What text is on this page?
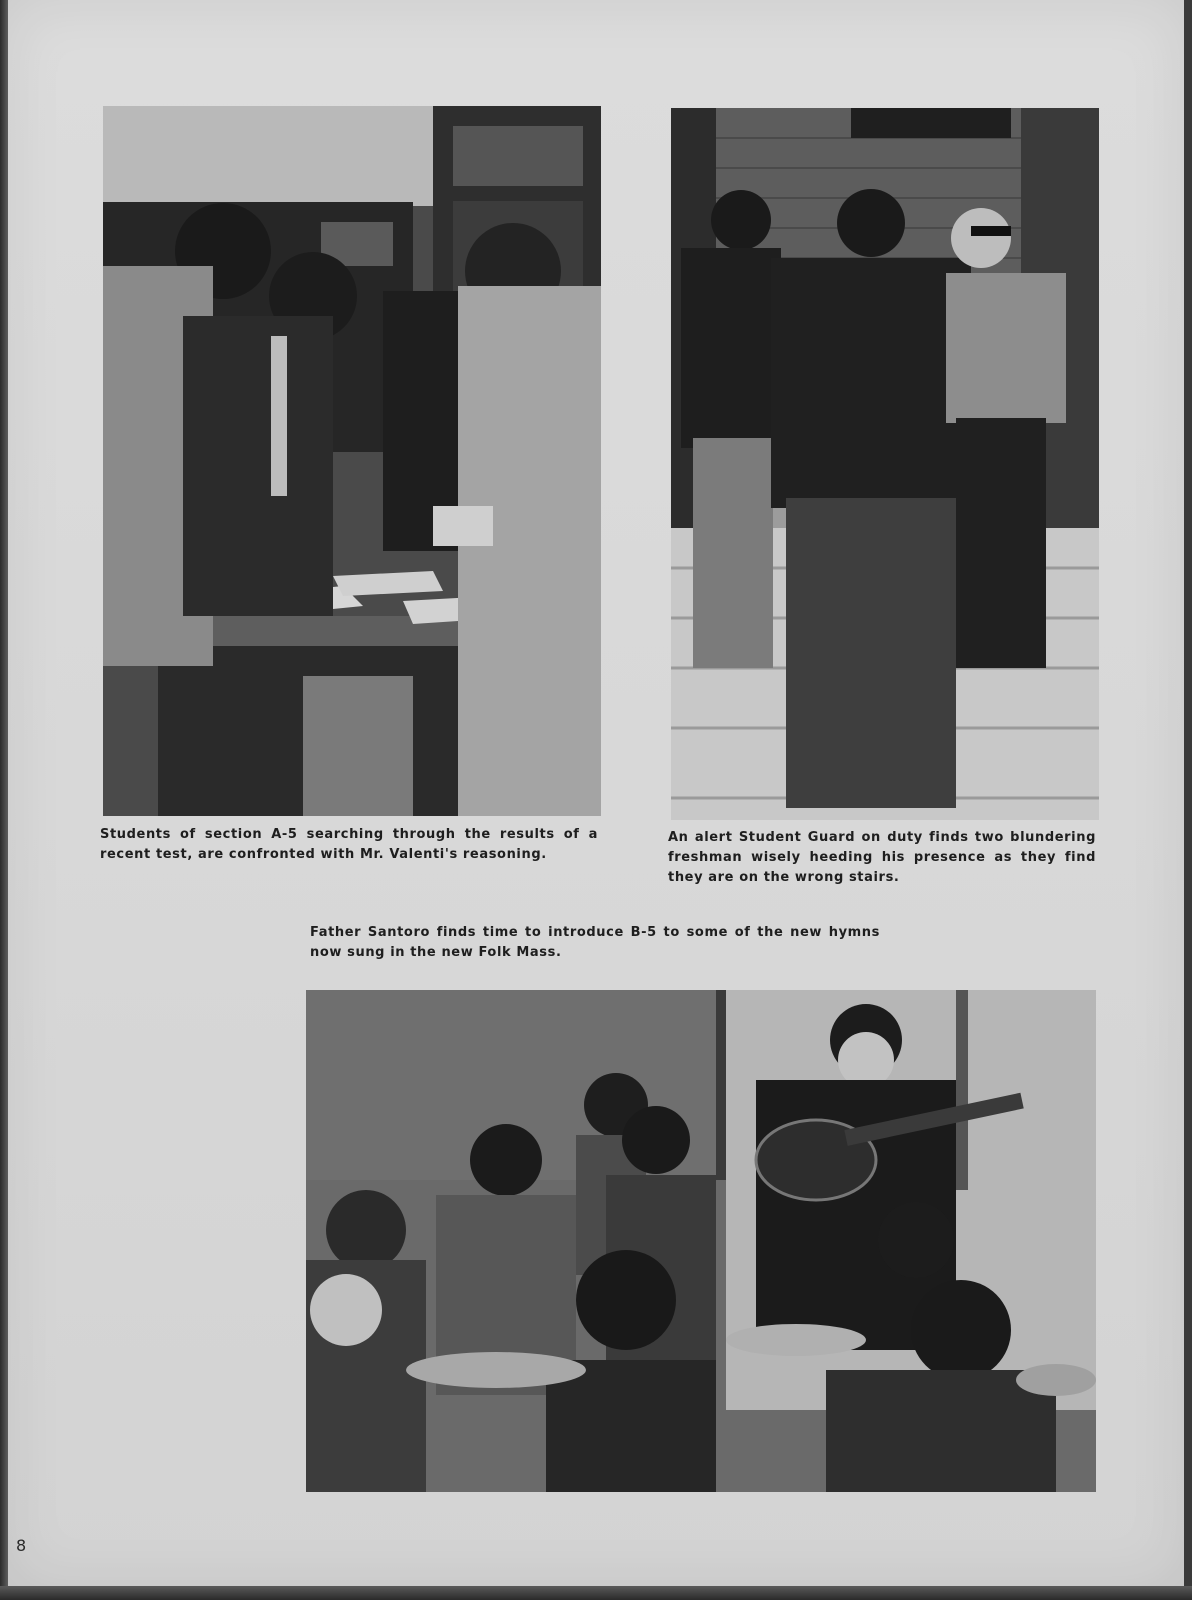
Students of section A-5 searching through the results of a recent test, are confronted with Mr. Valenti's reasoning.

An alert Student Guard on duty finds two blundering freshman wisely heeding his presence as they find they are on the wrong stairs.

Father Santoro finds time to introduce B-5 to some of the new hymns now sung in the new Folk Mass.

8
